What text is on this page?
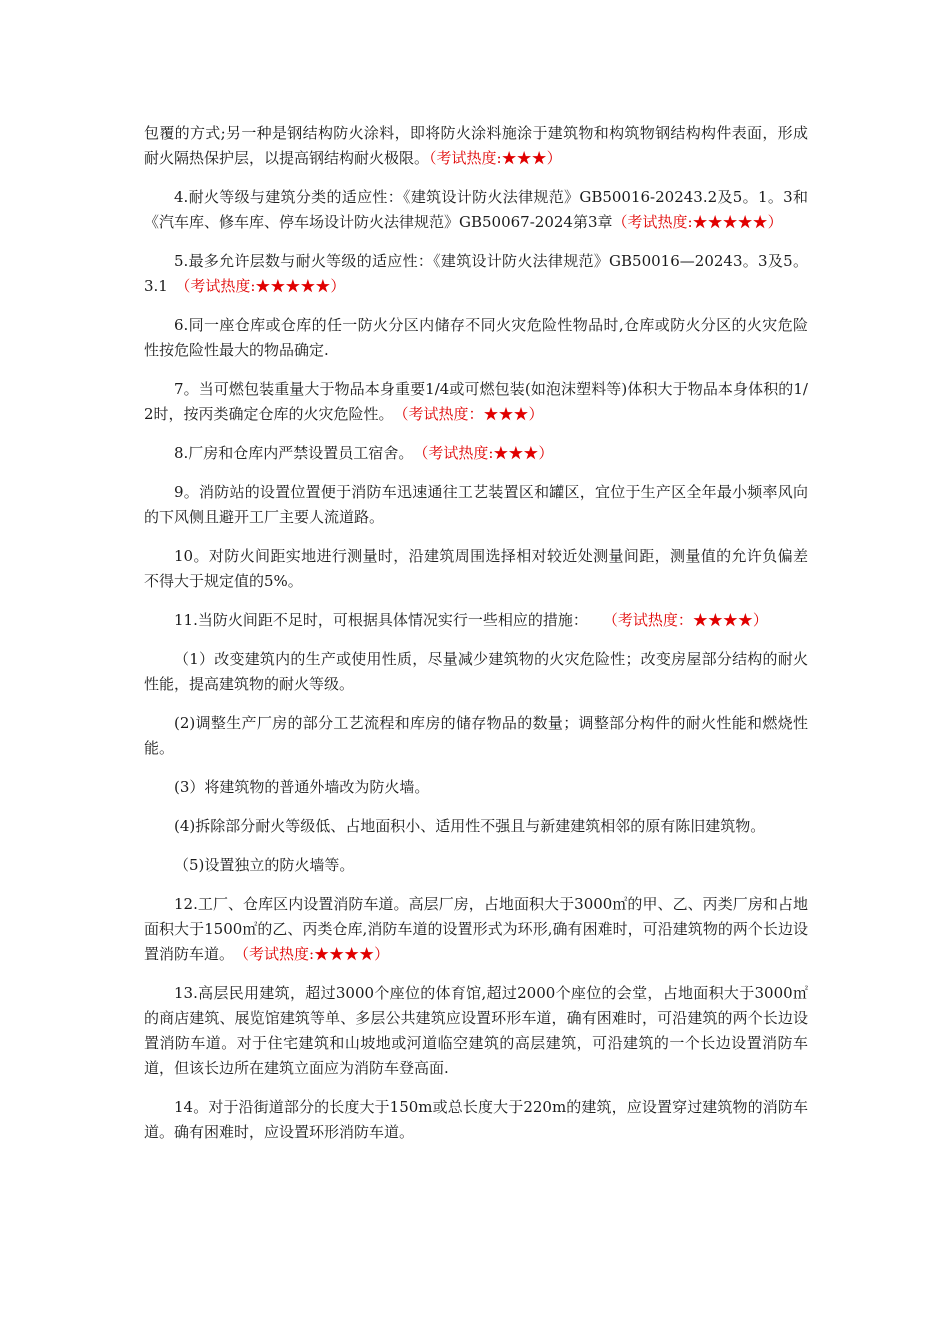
包覆的方式;另一种是钢结构防火涂料，即将防火涂料施涂于建筑物和构筑物钢结构构件表面，形成耐火隔热保护层，以提高钢结构耐火极限。（考试热度:★★★）

4.耐火等级与建筑分类的适应性：《建筑设计防火法律规范》GB50016-20243.2及5。1。3和《汽车库、修车库、停车场设计防火法律规范》GB50067-2024第3章（考试热度:★★★★★）

5.最多允许层数与耐火等级的适应性：《建筑设计防火法律规范》GB50016—20243。3及5。3.1　（考试热度:★★★★★）

6.同一座仓库或仓库的任一防火分区内储存不同火灾危险性物品时,仓库或防火分区的火灾危险性按危险性最大的物品确定.

7。当可燃包装重量大于物品本身重要1/4或可燃包装(如泡沫塑料等)体积大于物品本身体积的1/2时，按丙类确定仓库的火灾危险性。　（考试热度：★★★）

8.厂房和仓库内严禁设置员工宿舍。　（考试热度:★★★）

9。消防站的设置位置便于消防车迅速通往工艺装置区和罐区，宜位于生产区全年最小频率风向的下风侧且避开工厂主要人流道路。

10。对防火间距实地进行测量时，沿建筑周围选择相对较近处测量间距，测量值的允许负偏差不得大于规定值的5%。

11.当防火间距不足时，可根据具体情况实行一些相应的措施：　　（考试热度：★★★★）

（1）改变建筑内的生产或使用性质，尽量减少建筑物的火灾危险性；改变房屋部分结构的耐火性能，提高建筑物的耐火等级。

(2)调整生产厂房的部分工艺流程和库房的储存物品的数量；调整部分构件的耐火性能和燃烧性能。

(3）将建筑物的普通外墙改为防火墙。

(4)拆除部分耐火等级低、占地面积小、适用性不强且与新建建筑相邻的原有陈旧建筑物。

（5)设置独立的防火墙等。

12.工厂、仓库区内设置消防车道。高层厂房，占地面积大于3000㎡的甲、乙、丙类厂房和占地面积大于1500㎡的乙、丙类仓库,消防车道的设置形式为环形,确有困难时，可沿建筑物的两个长边设置消防车道。　（考试热度:★★★★）

13.高层民用建筑，超过3000个座位的体育馆,超过2000个座位的会堂，占地面积大于3000㎡的商店建筑、展览馆建筑等单、多层公共建筑应设置环形车道，确有困难时，可沿建筑的两个长边设置消防车道。对于住宅建筑和山坡地或河道临空建筑的高层建筑，可沿建筑的一个长边设置消防车道，但该长边所在建筑立面应为消防车登高面.

14。对于沿街道部分的长度大于150m或总长度大于220m的建筑，应设置穿过建筑物的消防车道。确有困难时，应设置环形消防车道。
